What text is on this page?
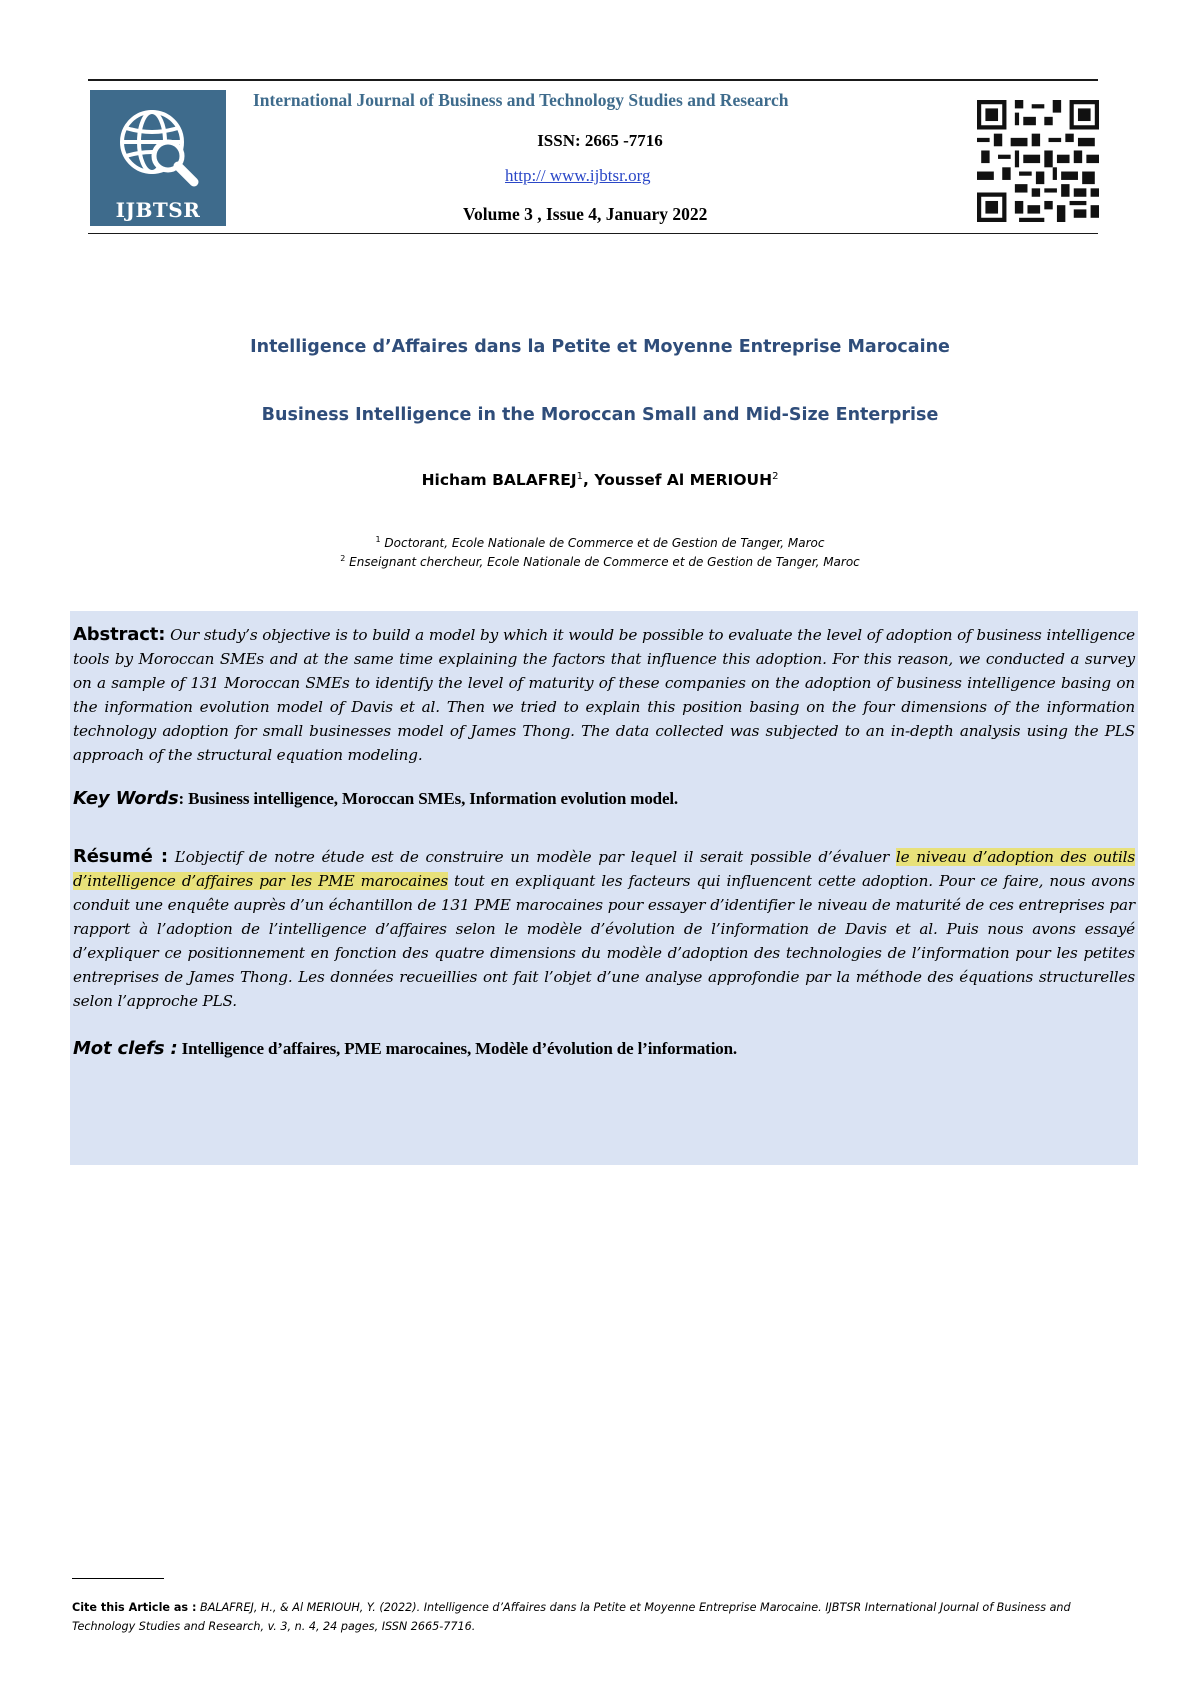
IJBTSR
International Journal of Business and Technology Studies and Research
ISSN: 2665 -7716
http:// www.ijbtsr.org
Volume 3 , Issue 4, January 2022
Intelligence d’Affaires dans la Petite et Moyenne Entreprise Marocaine
Business Intelligence in the Moroccan Small and Mid-Size Enterprise
Hicham BALAFREJ$^1$, Youssef Al MERIOUH$^2$
$^1$ Doctorant, Ecole Nationale de Commerce et de Gestion de Tanger, Maroc
$^2$ Enseignant chercheur, Ecole Nationale de Commerce et de Gestion de Tanger, Maroc

Abstract: Our study’s objective is to build a model by which it would be possible to evaluate the level of adoption of business intelligence tools by Moroccan SMEs and at the same time explaining the factors that influence this adoption. For this reason, we conducted a survey on a sample of 131 Moroccan SMEs to identify the level of maturity of these companies on the adoption of business intelligence basing on the information evolution model of Davis et al. Then we tried to explain this position basing on the four dimensions of the information technology adoption for small businesses model of James Thong. The data collected was subjected to an in-depth analysis using the PLS approach of the structural equation modeling.

Key Words: Business intelligence, Moroccan SMEs, Information evolution model.

Résumé : L’objectif de notre étude est de construire un modèle par lequel il serait possible d’évaluer le niveau d’adoption des outils d’intelligence d’affaires par les PME marocaines tout en expliquant les facteurs qui influencent cette adoption. Pour ce faire, nous avons conduit une enquête auprès d’un échantillon de 131 PME marocaines pour essayer d’identifier le niveau de maturité de ces entreprises par rapport à l’adoption de l’intelligence d’affaires selon le modèle d’évolution de l’information de Davis et al. Puis nous avons essayé d’expliquer ce positionnement en fonction des quatre dimensions du modèle d’adoption des technologies de l’information pour les petites entreprises de James Thong. Les données recueillies ont fait l’objet d’une analyse approfondie par la méthode des équations structurelles selon l’approche PLS.

Mot clefs : Intelligence d’affaires, PME marocaines, Modèle d’évolution de l’information.

Cite this Article as : BALAFREJ, H., & Al MERIOUH, Y. (2022). Intelligence d’Affaires dans la Petite et Moyenne Entreprise Marocaine. IJBTSR International Journal of Business and Technology Studies and Research, v. 3, n. 4, 24 pages, ISSN 2665-7716.
